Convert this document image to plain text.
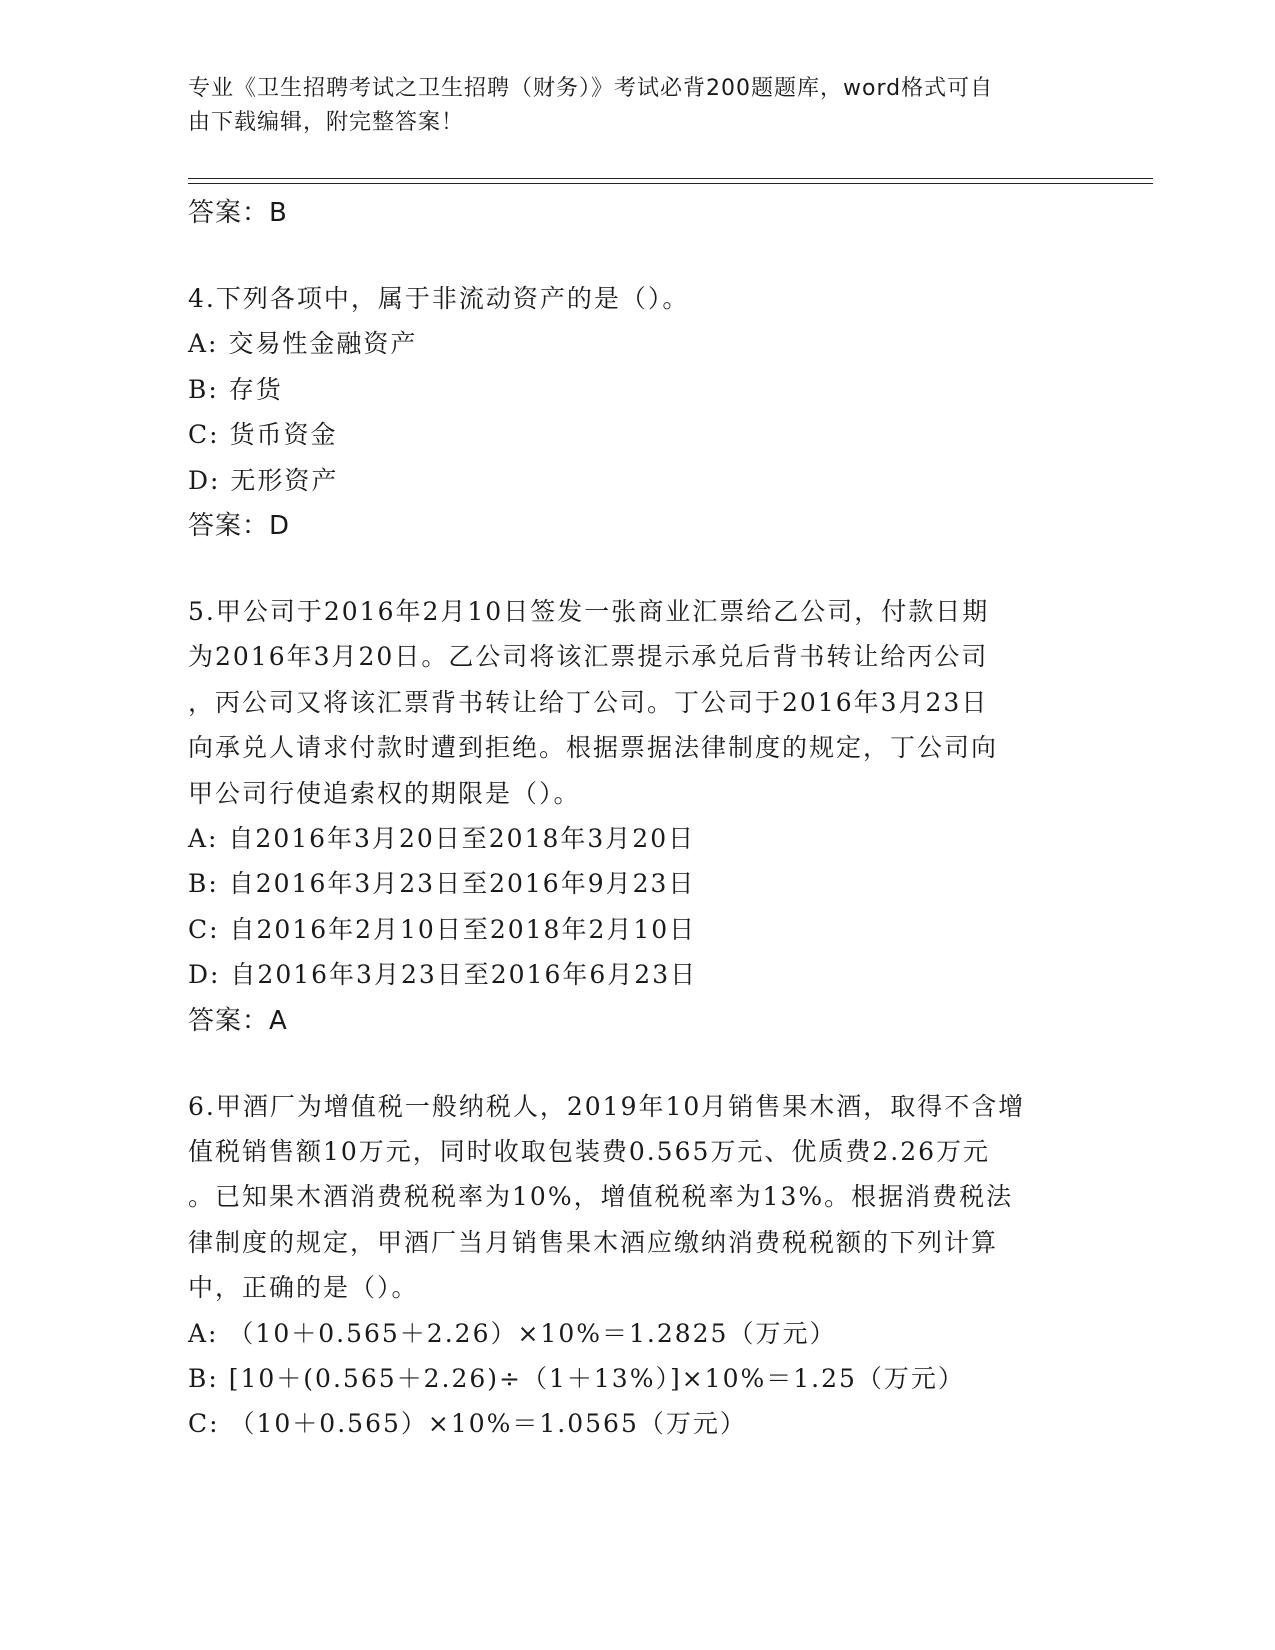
专业《卫生招聘考试之卫生招聘（财务）》考试必背200题题库，word格式可自
由下载编辑，附完整答案！
答案：B
4.下列各项中，属于非流动资产的是（）。
A: 交易性金融资产
B: 存货
C: 货币资金
D: 无形资产
答案：D
5.甲公司于2016年2月10日签发一张商业汇票给乙公司，付款日期
为2016年3月20日。乙公司将该汇票提示承兑后背书转让给丙公司
，丙公司又将该汇票背书转让给丁公司。丁公司于2016年3月23日
向承兑人请求付款时遭到拒绝。根据票据法律制度的规定，丁公司向
甲公司行使追索权的期限是（）。
A: 自2016年3月20日至2018年3月20日
B: 自2016年3月23日至2016年9月23日
C: 自2016年2月10日至2018年2月10日
D: 自2016年3月23日至2016年6月23日
答案：A
6.甲酒厂为增值税一般纳税人，2019年10月销售果木酒，取得不含增
值税销售额10万元，同时收取包装费0.565万元、优质费2.26万元
。已知果木酒消费税税率为10%，增值税税率为13%。根据消费税法
律制度的规定，甲酒厂当月销售果木酒应缴纳消费税税额的下列计算
中，正确的是（）。
A: （10＋0.565＋2.26）×10%＝1.2825（万元）
B: [10＋(0.565＋2.26)÷（1＋13%）]×10%＝1.25（万元）
C: （10＋0.565）×10%＝1.0565（万元）
